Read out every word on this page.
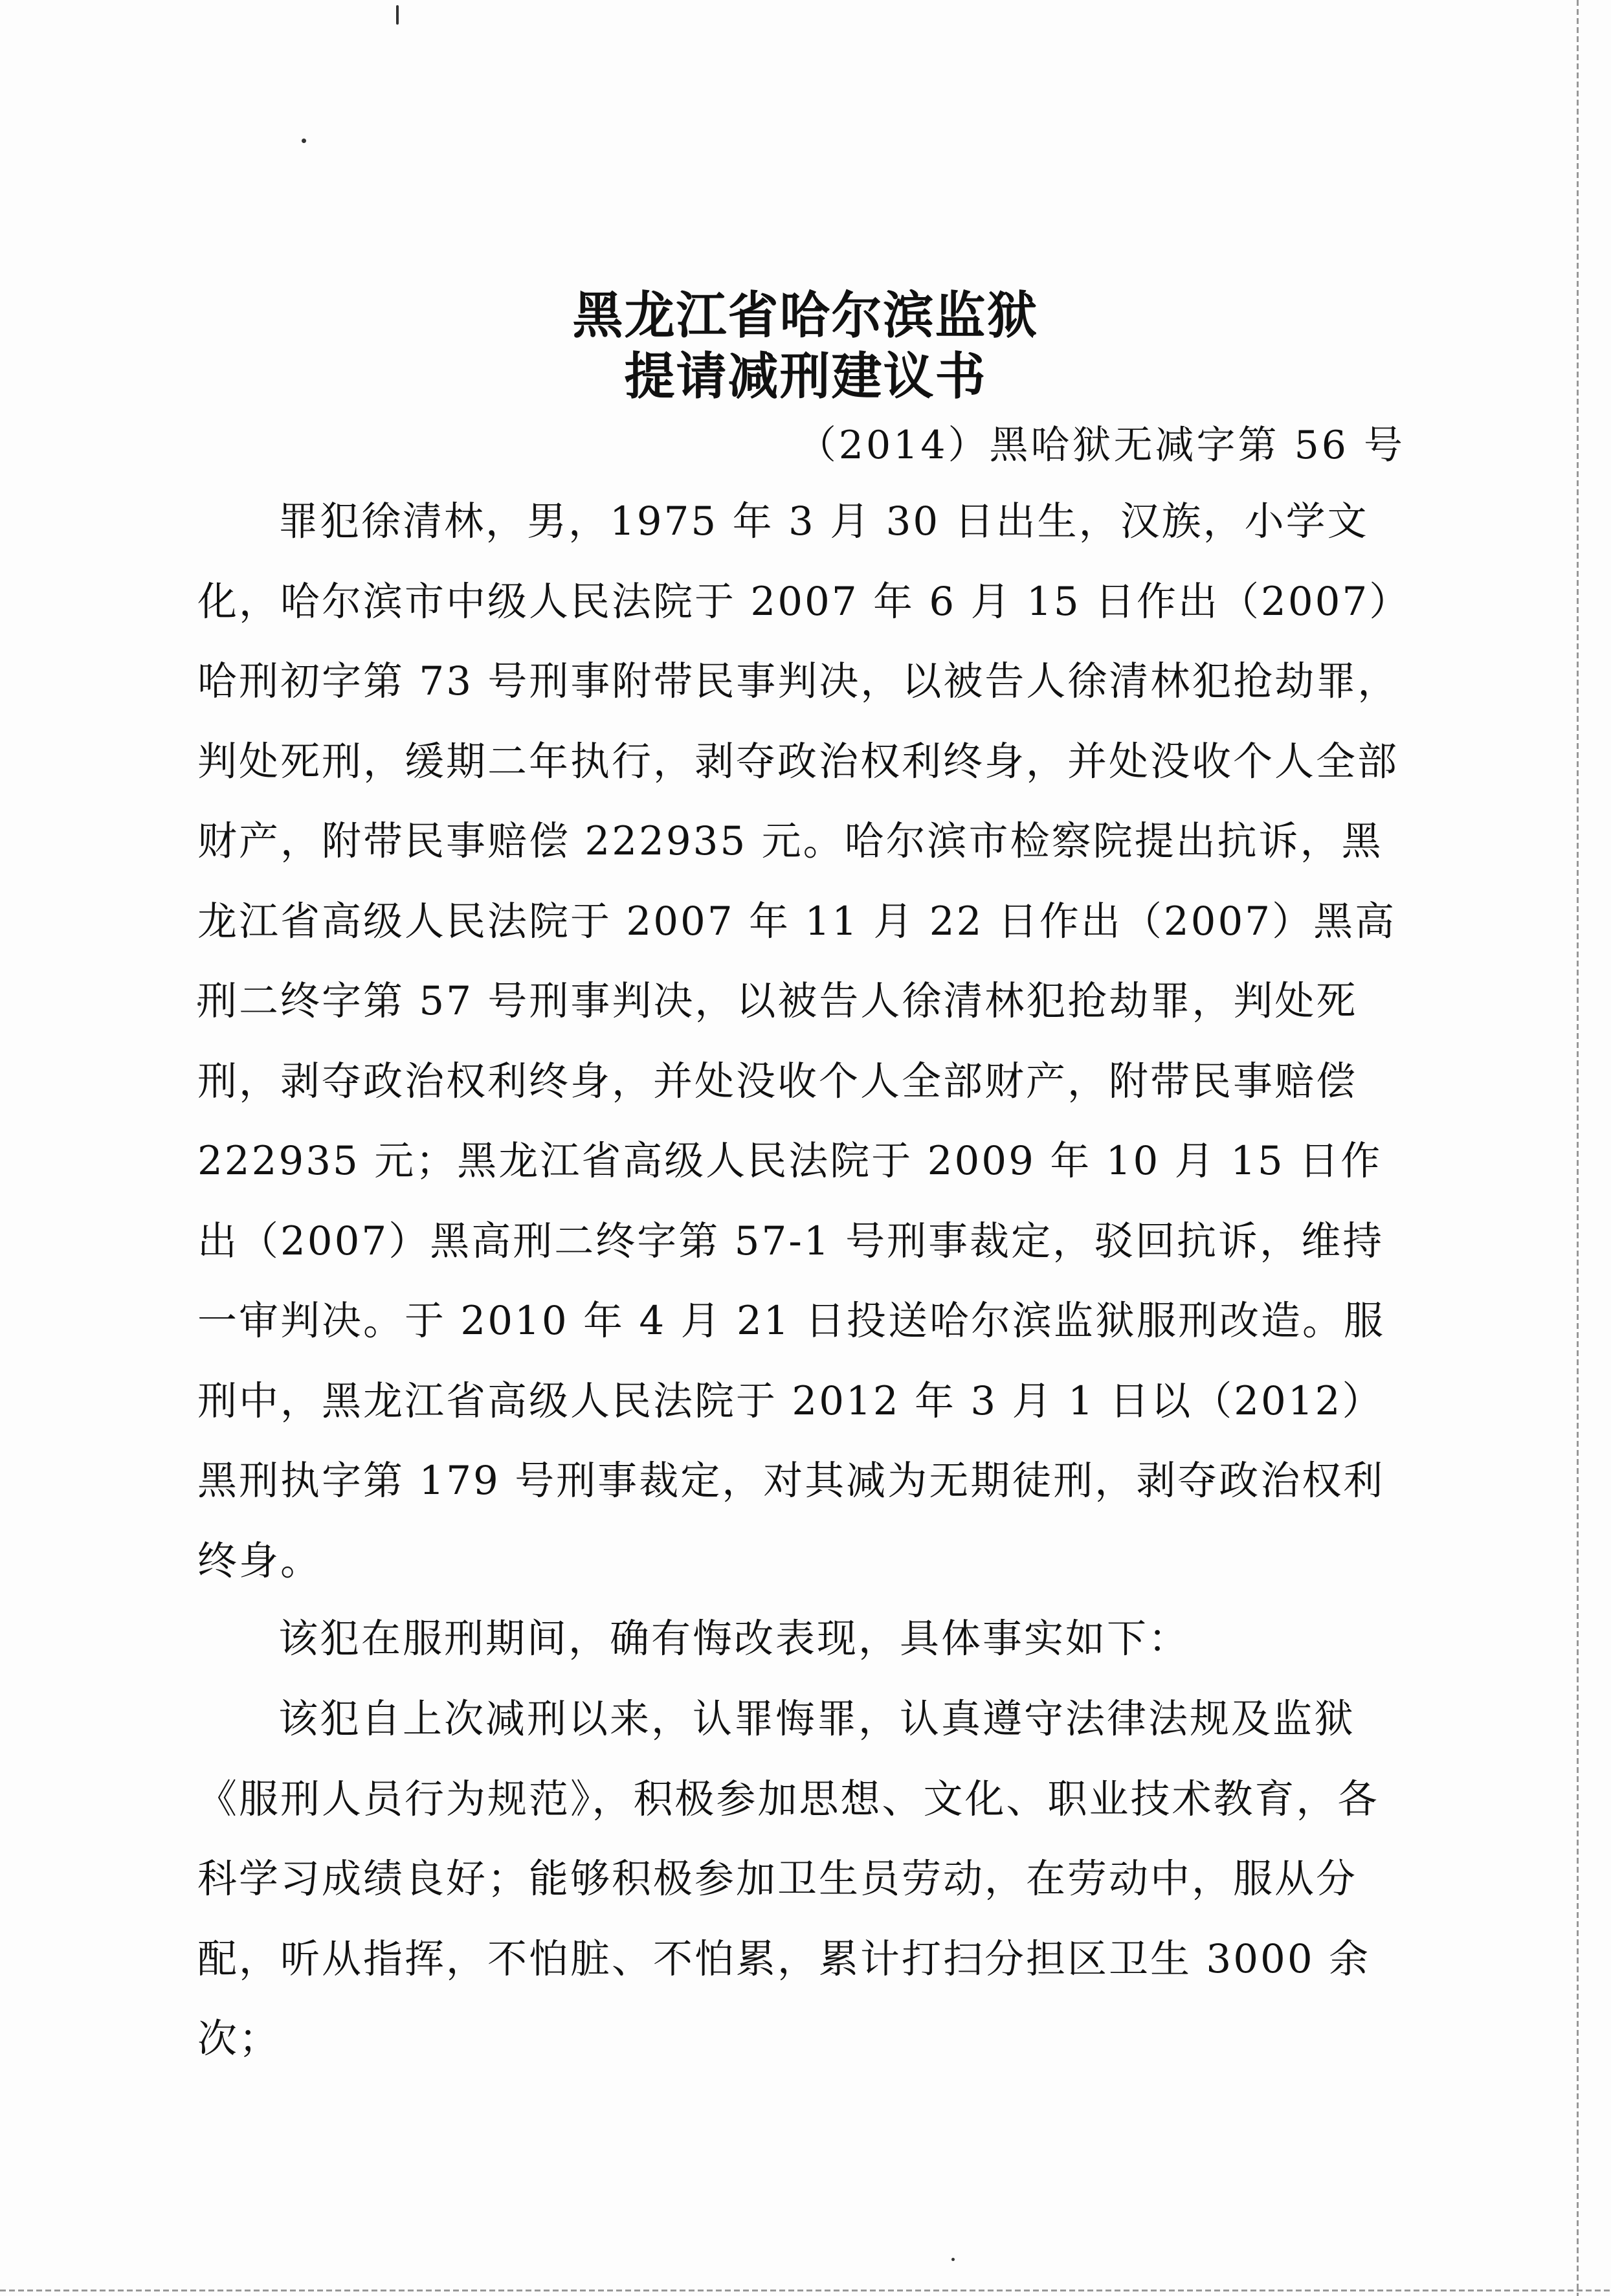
黑龙江省哈尔滨监狱
提请减刑建议书
（2014）黑哈狱无减字第 56 号
罪犯徐清林，男，1975 年 3 月 30 日出生，汉族，小学文化，哈尔滨市中级人民法院于 2007 年 6 月 15 日作出（2007）哈刑初字第 73 号刑事附带民事判决，以被告人徐清林犯抢劫罪，判处死刑，缓期二年执行，剥夺政治权利终身，并处没收个人全部财产，附带民事赔偿 222935 元。哈尔滨市检察院提出抗诉，黑龙江省高级人民法院于 2007 年 11 月 22 日作出（2007）黑高刑二终字第 57 号刑事判决，以被告人徐清林犯抢劫罪，判处死刑，剥夺政治权利终身，并处没收个人全部财产，附带民事赔偿 222935 元；黑龙江省高级人民法院于 2009 年 10 月 15 日作出（2007）黑高刑二终字第 57-1 号刑事裁定，驳回抗诉，维持一审判决。于 2010 年 4 月 21 日投送哈尔滨监狱服刑改造。服刑中，黑龙江省高级人民法院于 2012 年 3 月 1 日以（2012）黑刑执字第 179 号刑事裁定，对其减为无期徒刑，剥夺政治权利终身。
该犯在服刑期间，确有悔改表现，具体事实如下：
该犯自上次减刑以来，认罪悔罪，认真遵守法律法规及监狱《服刑人员行为规范》，积极参加思想、文化、职业技术教育，各科学习成绩良好；能够积极参加卫生员劳动，在劳动中，服从分配，听从指挥，不怕脏、不怕累，累计打扫分担区卫生 3000 余次；
